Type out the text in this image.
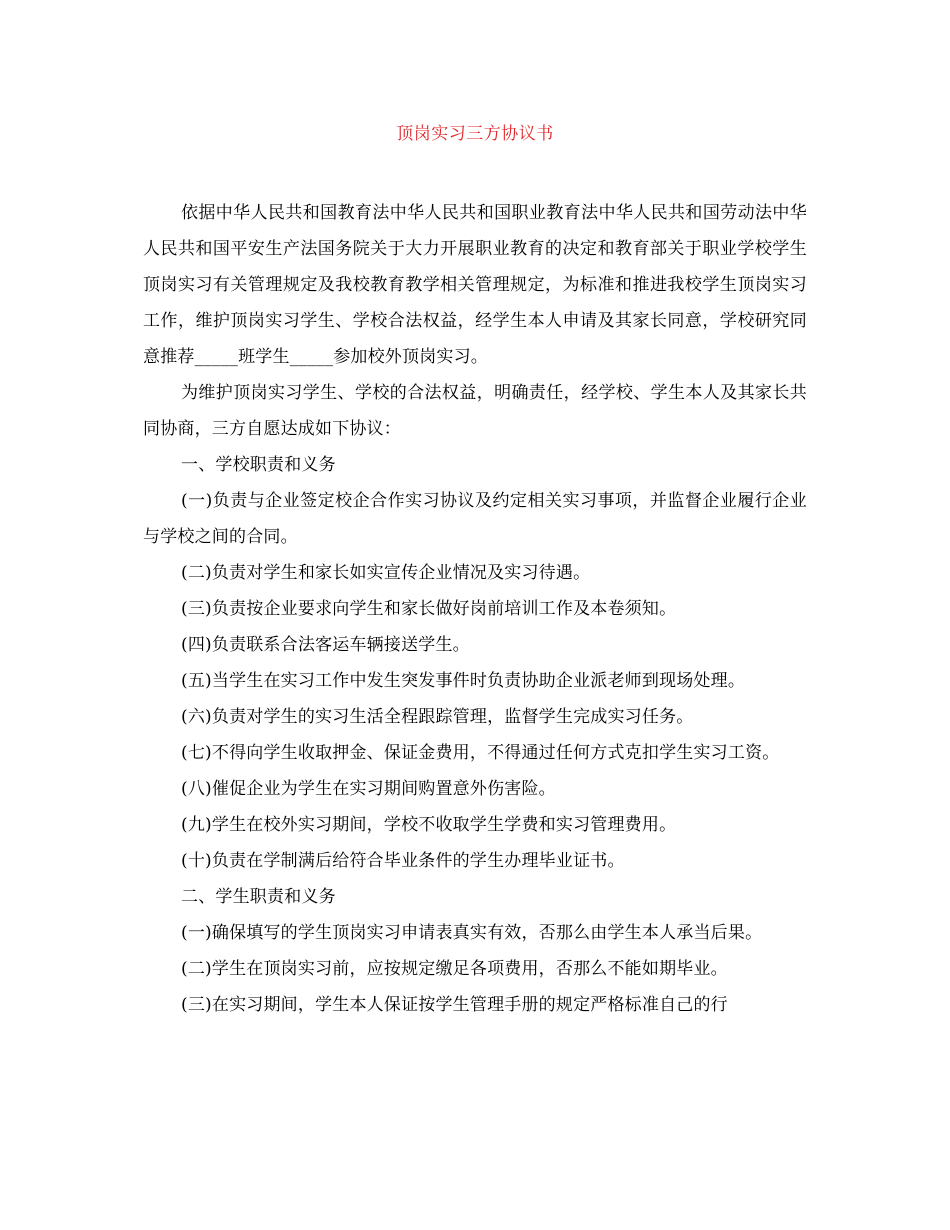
顶岗实习三方协议书

依据中华人民共和国教育法中华人民共和国职业教育法中华人民共和国劳动法中华人民共和国平安生产法国务院关于大力开展职业教育的决定和教育部关于职业学校学生顶岗实习有关管理规定及我校教育教学相关管理规定，为标准和推进我校学生顶岗实习工作，维护顶岗实习学生、学校合法权益，经学生本人申请及其家长同意，学校研究同意推荐_____班学生_____参加校外顶岗实习。

为维护顶岗实习学生、学校的合法权益，明确责任，经学校、学生本人及其家长共同协商，三方自愿达成如下协议：

一、学校职责和义务

(一)负责与企业签定校企合作实习协议及约定相关实习事项，并监督企业履行企业与学校之间的合同。

(二)负责对学生和家长如实宣传企业情况及实习待遇。

(三)负责按企业要求向学生和家长做好岗前培训工作及本卷须知。

(四)负责联系合法客运车辆接送学生。

(五)当学生在实习工作中发生突发事件时负责协助企业派老师到现场处理。

(六)负责对学生的实习生活全程跟踪管理，监督学生完成实习任务。

(七)不得向学生收取押金、保证金费用，不得通过任何方式克扣学生实习工资。

(八)催促企业为学生在实习期间购置意外伤害险。

(九)学生在校外实习期间，学校不收取学生学费和实习管理费用。

(十)负责在学制满后给符合毕业条件的学生办理毕业证书。

二、学生职责和义务

(一)确保填写的学生顶岗实习申请表真实有效，否那么由学生本人承当后果。

(二)学生在顶岗实习前，应按规定缴足各项费用，否那么不能如期毕业。

(三)在实习期间，学生本人保证按学生管理手册的规定严格标准自己的行
